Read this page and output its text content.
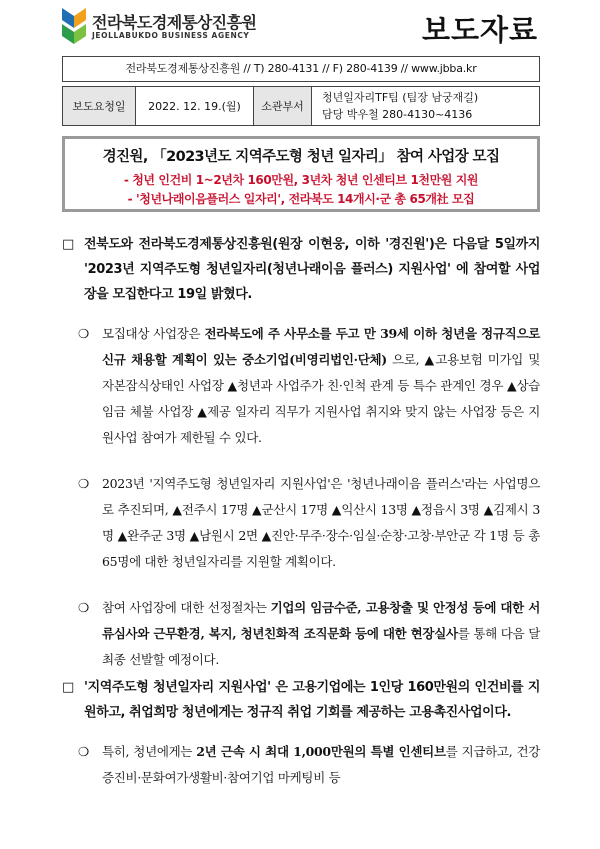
전라북도경제통상진흥원
JEOLLABUKDO BUSINESS AGENCY	보도자료
전라북도경제통상진흥원 // T) 280-4131 // F) 280-4139 // www.jbba.kr
보도요청일	2022. 12. 19.(월)	소관부서
청년일자리TF팀 (팀장 남궁재길)
담당 박우철 280-4130~4136
경진원, 「2023년도 지역주도형 청년 일자리」 참여 사업장 모집
- 청년 인건비 1~2년차 160만원, 3년차 청년 인센티브 1천만원 지원
- '청년나래이음플러스 일자리', 전라북도 14개시·군 총 65개社 모집
□ 전북도와 전라북도경제통상진흥원(원장 이현웅, 이하 '경진원')은 다음달 5일까지 '2023년 지역주도형 청년일자리(청년나래이음 플러스) 지원사업' 에 참여할 사업장을 모집한다고 19일 밝혔다.
❍ 모집대상 사업장은 전라북도에 주 사무소를 두고 만 39세 이하 청년을 정규직으로 신규 채용할 계획이 있는 중소기업(비영리법인·단체) 으로, ▲고용보험 미가입 및 자본잠식상태인 사업장 ▲청년과 사업주가 친·인척 관계 등 특수 관계인 경우 ▲상습 임금 체불 사업장 ▲제공 일자리 직무가 지원사업 취지와 맞지 않는 사업장 등은 지원사업 참여가 제한될 수 있다.
❍ 2023년 '지역주도형 청년일자리 지원사업'은 '청년나래이음 플러스'라는 사업명으로 추진되며, ▲전주시 17명 ▲군산시 17명 ▲익산시 13명 ▲정읍시 3명 ▲김제시 3명 ▲완주군 3명 ▲남원시 2면 ▲진안·무주·장수·임실·순창·고창·부안군 각 1명 등 총 65명에 대한 청년일자리를 지원할 계획이다.
❍ 참여 사업장에 대한 선정절차는 기업의 임금수준, 고용창출 및 안정성 등에 대한 서류심사와 근무환경, 복지, 청년친화적 조직문화 등에 대한 현장실사를 통해 다음 달 최종 선발할 예정이다.
□ '지역주도형 청년일자리 지원사업' 은 고용기업에는 1인당 160만원의 인건비를 지원하고, 취업희망 청년에게는 정규직 취업 기회를 제공하는 고용촉진사업이다.
❍ 특히, 청년에게는 2년 근속 시 최대 1,000만원의 특별 인센티브를 지급하고, 건강증진비·문화여가생활비·참여기업 마케팅비 등
